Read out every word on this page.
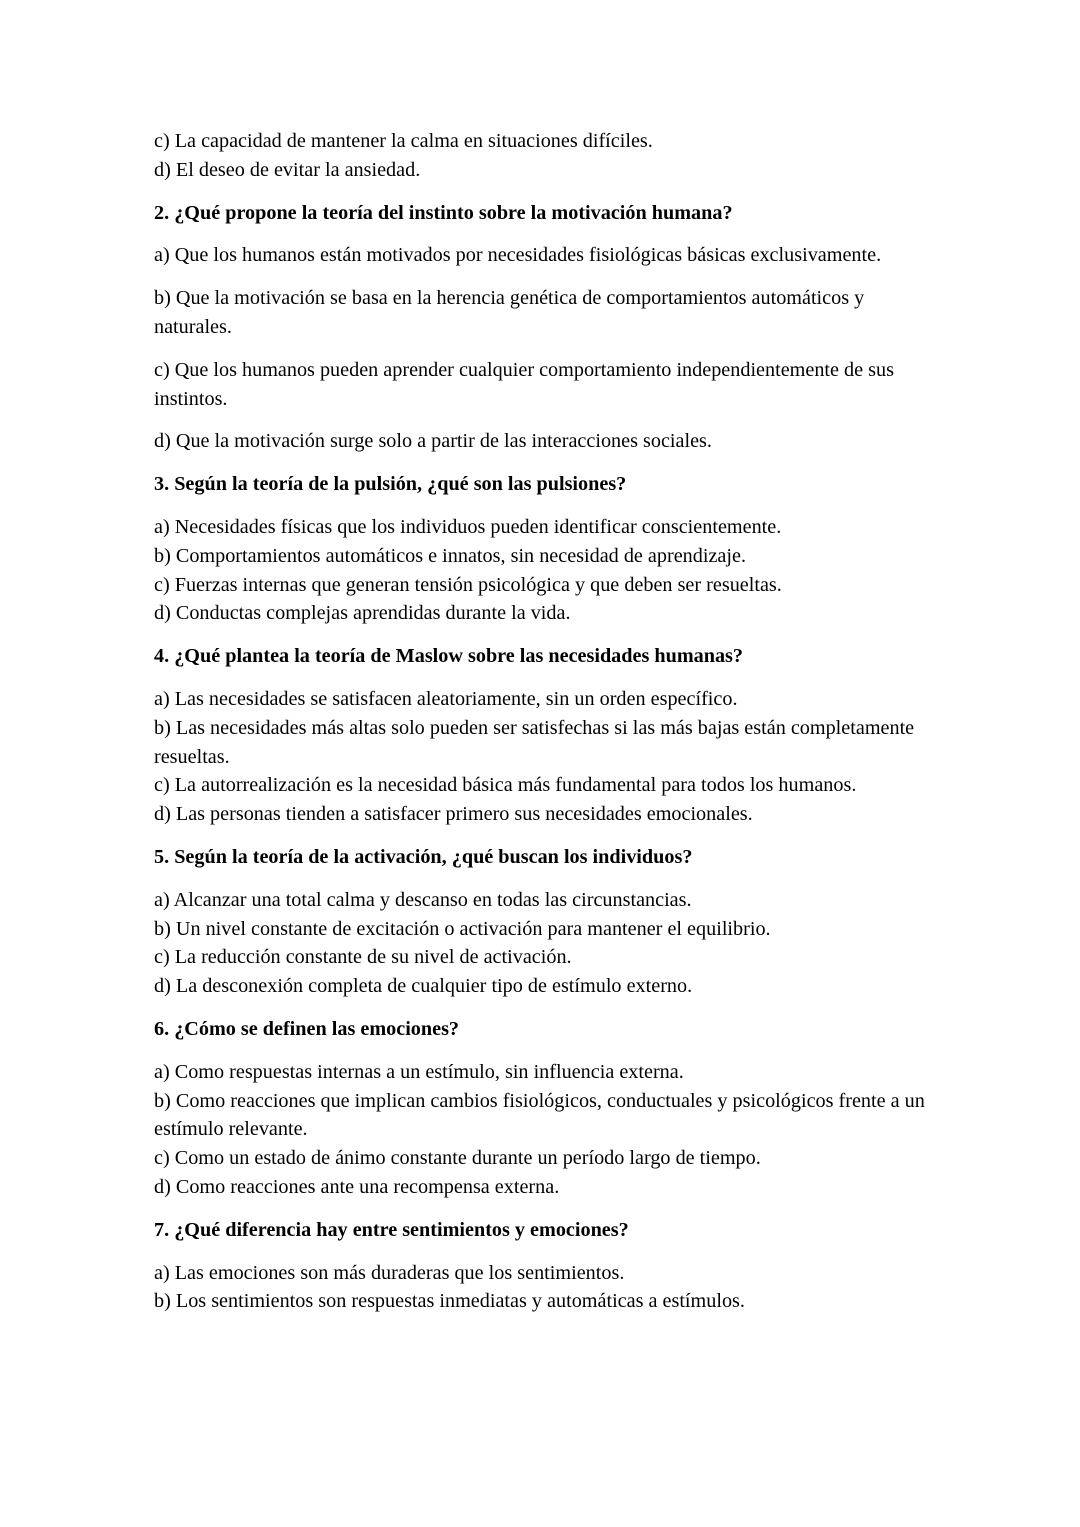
c) La capacidad de mantener la calma en situaciones difíciles.

d) El deseo de evitar la ansiedad.

2. ¿Qué propone la teoría del instinto sobre la motivación humana?

a) Que los humanos están motivados por necesidades fisiológicas básicas exclusivamente.

b) Que la motivación se basa en la herencia genética de comportamientos automáticos y naturales.

c) Que los humanos pueden aprender cualquier comportamiento independientemente de sus instintos.

d) Que la motivación surge solo a partir de las interacciones sociales.

3. Según la teoría de la pulsión, ¿qué son las pulsiones?

a) Necesidades físicas que los individuos pueden identificar conscientemente.

b) Comportamientos automáticos e innatos, sin necesidad de aprendizaje.

c) Fuerzas internas que generan tensión psicológica y que deben ser resueltas.

d) Conductas complejas aprendidas durante la vida.

4. ¿Qué plantea la teoría de Maslow sobre las necesidades humanas?

a) Las necesidades se satisfacen aleatoriamente, sin un orden específico.

b) Las necesidades más altas solo pueden ser satisfechas si las más bajas están completamente resueltas.

c) La autorrealización es la necesidad básica más fundamental para todos los humanos.

d) Las personas tienden a satisfacer primero sus necesidades emocionales.

5. Según la teoría de la activación, ¿qué buscan los individuos?

a) Alcanzar una total calma y descanso en todas las circunstancias.

b) Un nivel constante de excitación o activación para mantener el equilibrio.

c) La reducción constante de su nivel de activación.

d) La desconexión completa de cualquier tipo de estímulo externo.

6. ¿Cómo se definen las emociones?

a) Como respuestas internas a un estímulo, sin influencia externa.

b) Como reacciones que implican cambios fisiológicos, conductuales y psicológicos frente a un estímulo relevante.

c) Como un estado de ánimo constante durante un período largo de tiempo.

d) Como reacciones ante una recompensa externa.

7. ¿Qué diferencia hay entre sentimientos y emociones?

a) Las emociones son más duraderas que los sentimientos.

b) Los sentimientos son respuestas inmediatas y automáticas a estímulos.
